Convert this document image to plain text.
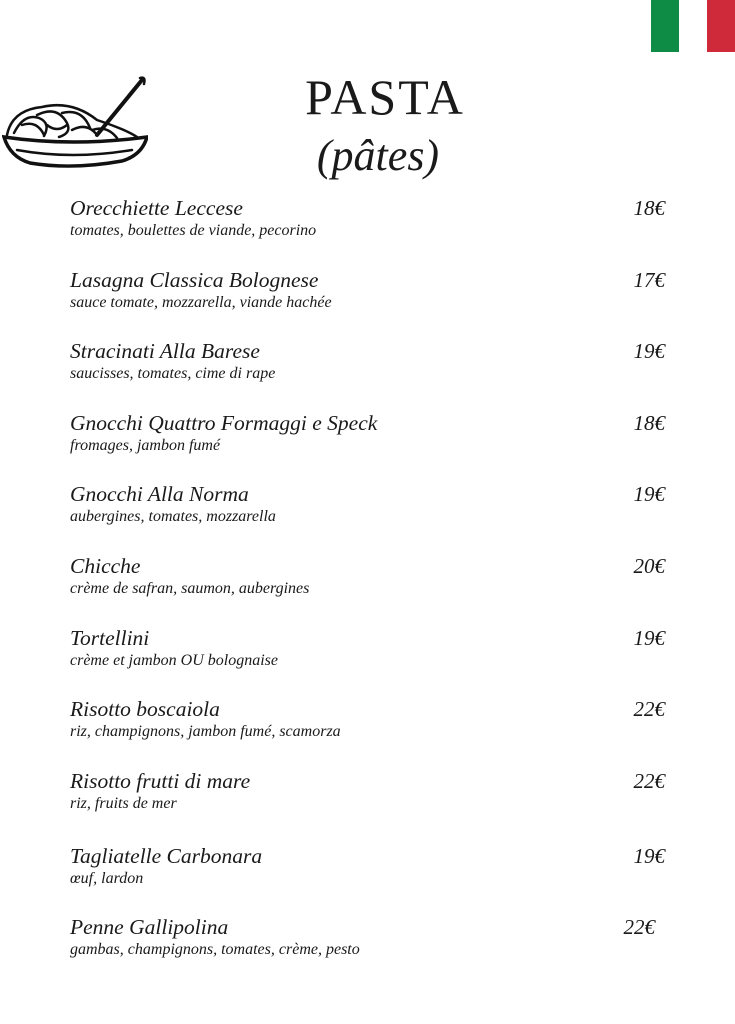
PASTA
(pâtes)
Orecchiette Leccese
tomates, boulettes de viande, pecorino
18€
Lasagna Classica Bolognese
sauce tomate, mozzarella, viande hachée
17€
Stracinati Alla Barese
saucisses, tomates, cime di rape
19€
Gnocchi Quattro Formaggi e Speck
fromages, jambon fumé
18€
Gnocchi Alla Norma
aubergines, tomates, mozzarella
19€
Chicche
crème de safran, saumon, aubergines
20€
Tortellini
crème et jambon OU bolognaise
19€
Risotto boscaiola
riz, champignons, jambon fumé, scamorza
22€
Risotto frutti di mare
riz, fruits de mer
22€
Tagliatelle Carbonara
œuf, lardon
19€
Penne Gallipolina
gambas, champignons, tomates, crème, pesto
22€
